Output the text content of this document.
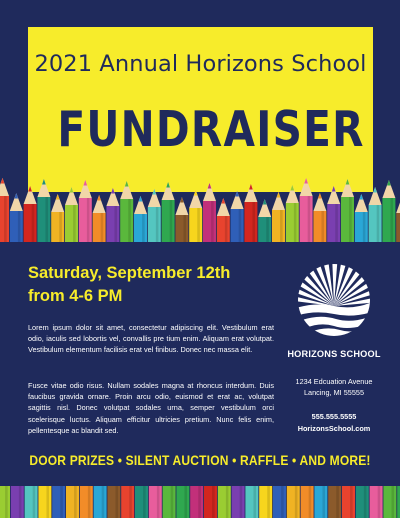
2021 Annual Horizons School
FUNDRAISER
Saturday, September 12th
from 4-6 PM

Lorem ipsum dolor sit amet, consectetur adipiscing elit. Vestibulum erat odio, iaculis sed lobortis vel, convallis pre tium enim. Aliquam erat volutpat. Vestibulum elementum facilisis erat vel finibus. Donec nec massa elit.

Fusce vitae odio risus. Nullam sodales magna at rhoncus interdum. Duis faucibus gravida ornare. Proin arcu odio, euismod et erat ac, volutpat sagittis nisl. Donec volutpat sodales urna, semper vestibulum orci scelerisque luctus. Aliquam efficitur ultricies pretium. Nunc felis enim, pellentesque ac blandit sed.

HORIZONS SCHOOL
1234 Edcuation Avenue
Lancing, MI 55555
555.555.5555
HorizonsSchool.com
DOOR PRIZES • SILENT AUCTION • RAFFLE • AND MORE!
